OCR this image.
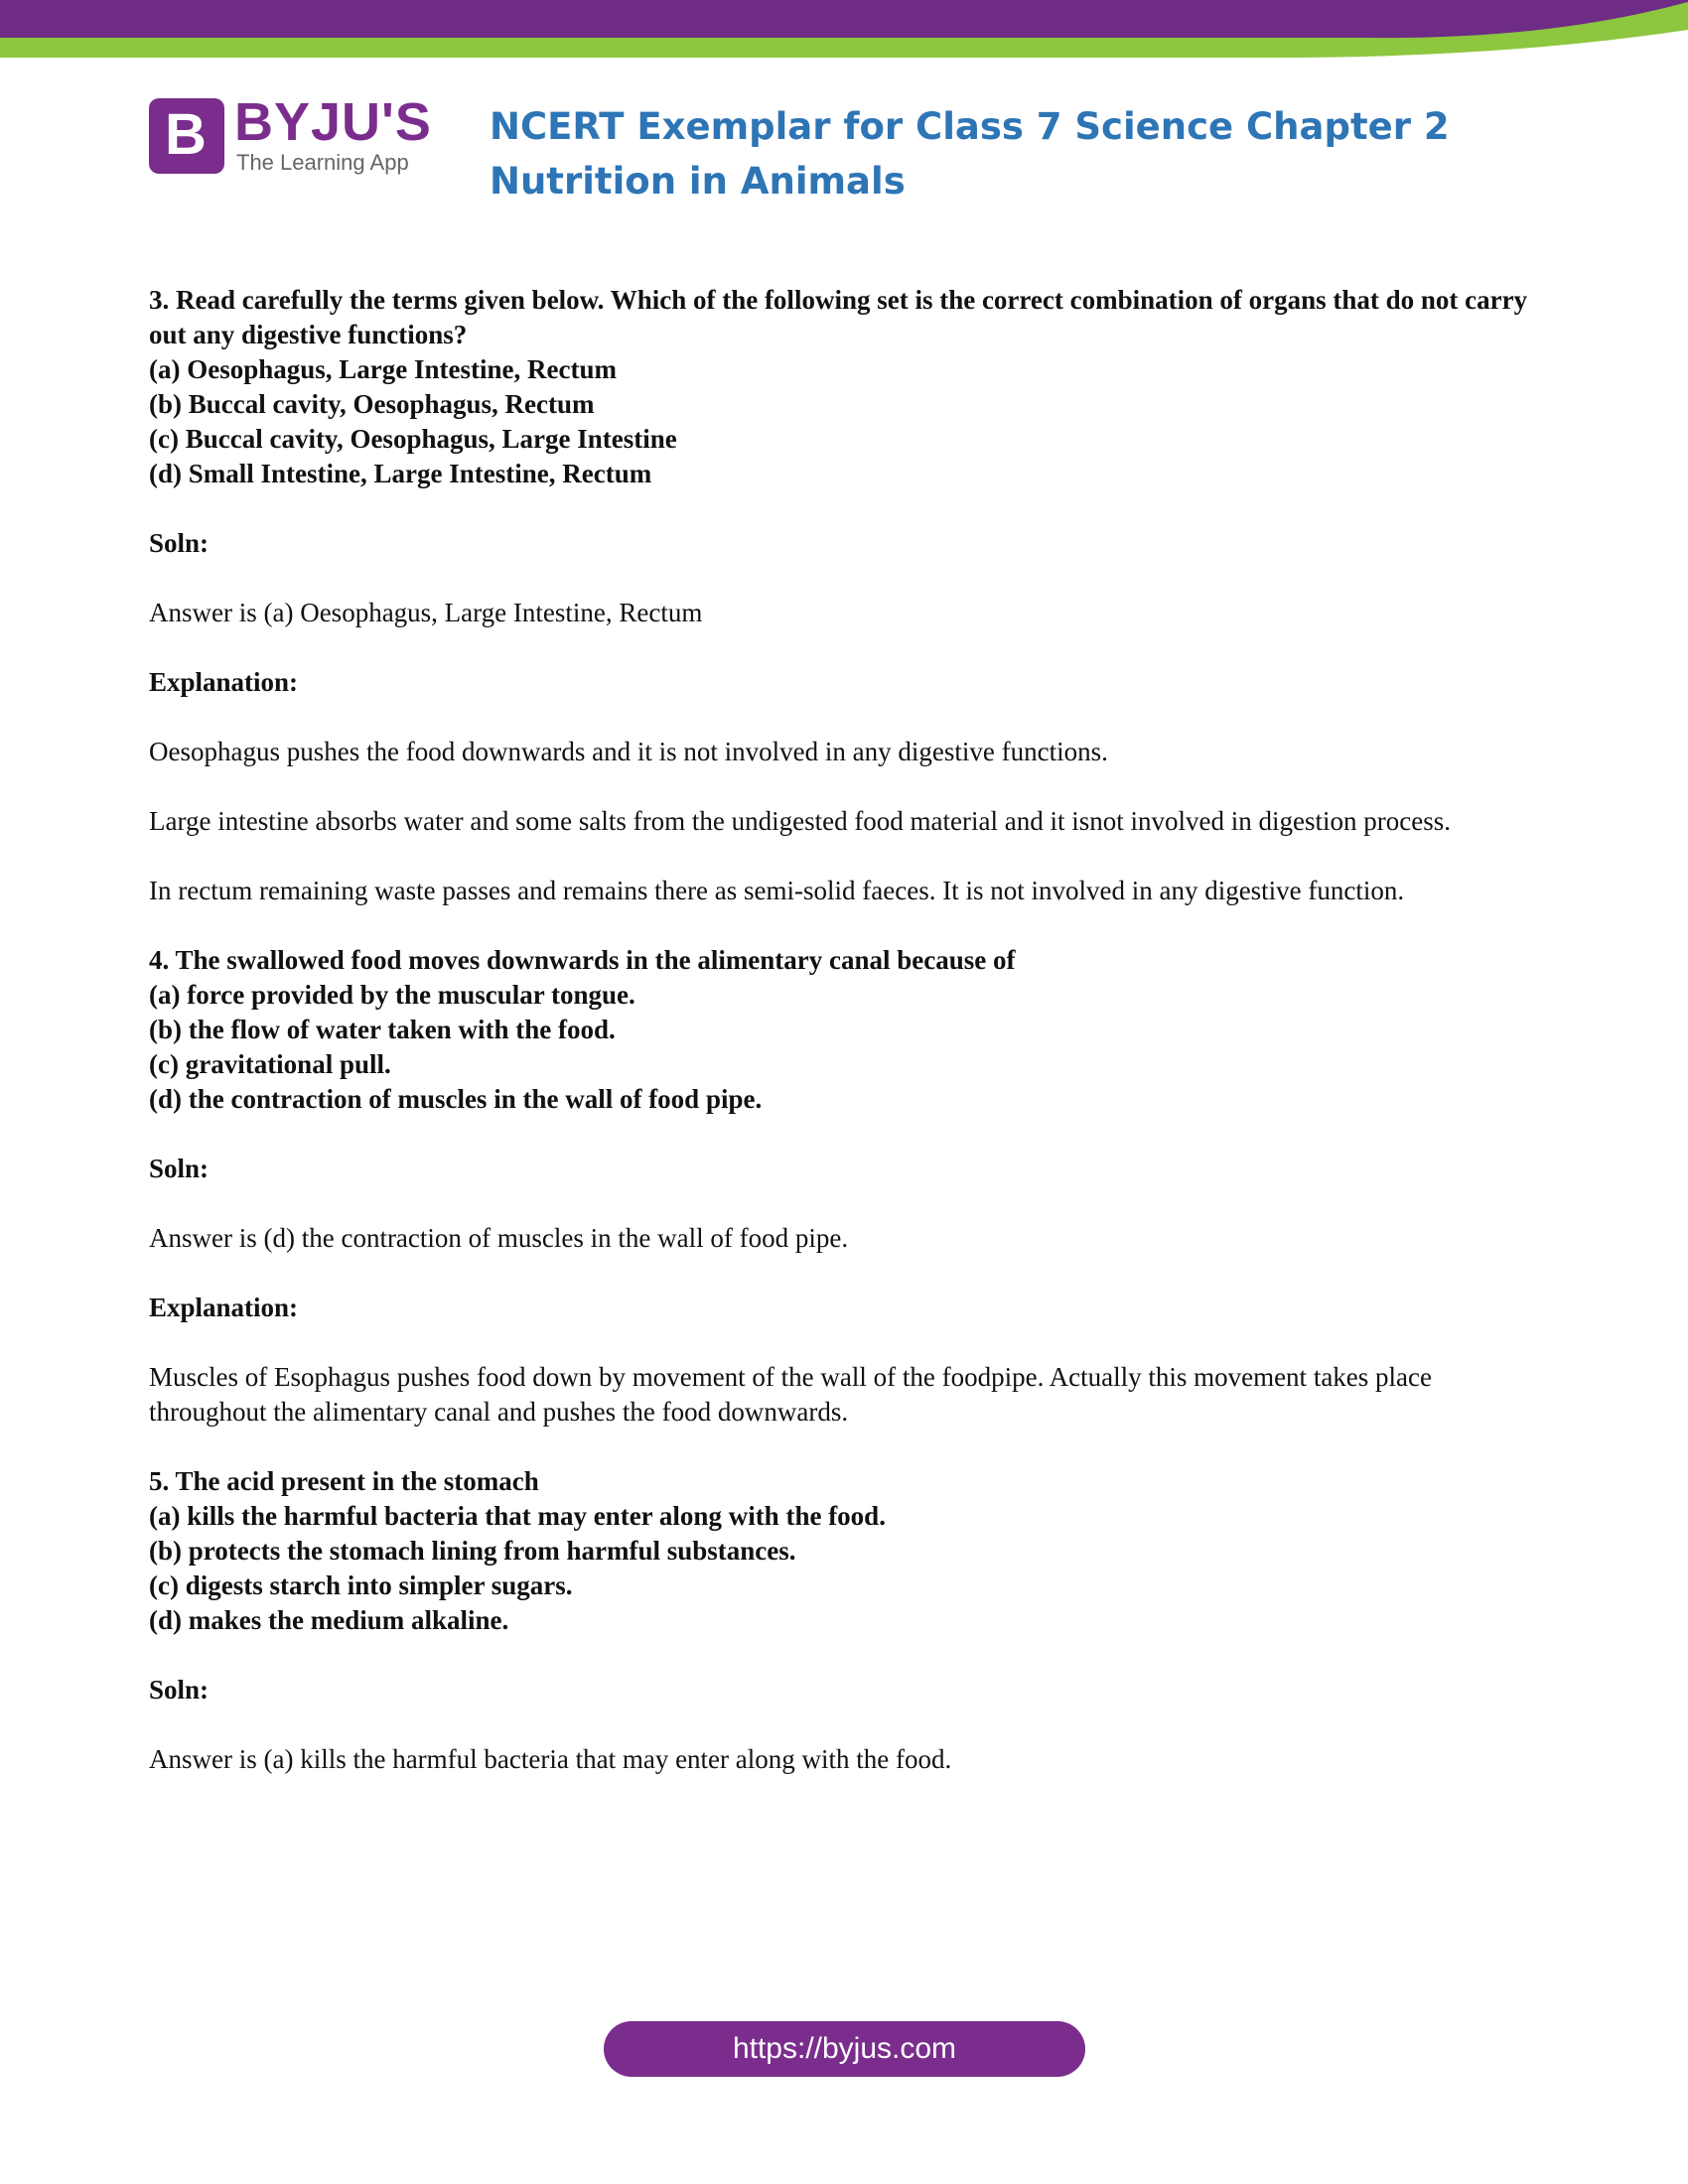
B BYJU'S
The Learning App
NCERT Exemplar for Class 7 Science Chapter 2 Nutrition in Animals

3. Read carefully the terms given below. Which of the following set is the correct combination of organs that do not carry out any digestive functions?

(a) Oesophagus, Large Intestine, Rectum

(b) Buccal cavity, Oesophagus, Rectum

(c) Buccal cavity, Oesophagus, Large Intestine

(d) Small Intestine, Large Intestine, Rectum

Soln:

Answer is (a) Oesophagus, Large Intestine, Rectum

Explanation:

Oesophagus pushes the food downwards and it is not involved in any digestive functions.

Large intestine absorbs water and some salts from the undigested food material and it isnot involved in digestion process.

In rectum remaining waste passes and remains there as semi-solid faeces. It is not involved in any digestive function.

4. The swallowed food moves downwards in the alimentary canal because of

(a) force provided by the muscular tongue.

(b) the flow of water taken with the food.

(c) gravitational pull.

(d) the contraction of muscles in the wall of food pipe.

Soln:

Answer is (d) the contraction of muscles in the wall of food pipe.

Explanation:

Muscles of Esophagus pushes food down by movement of the wall of the foodpipe. Actually this movement takes place throughout the alimentary canal and pushes the food downwards.

5. The acid present in the stomach

(a) kills the harmful bacteria that may enter along with the food.

(b) protects the stomach lining from harmful substances.

(c) digests starch into simpler sugars.

(d) makes the medium alkaline.

Soln:

Answer is (a) kills the harmful bacteria that may enter along with the food.

https://byjus.com
